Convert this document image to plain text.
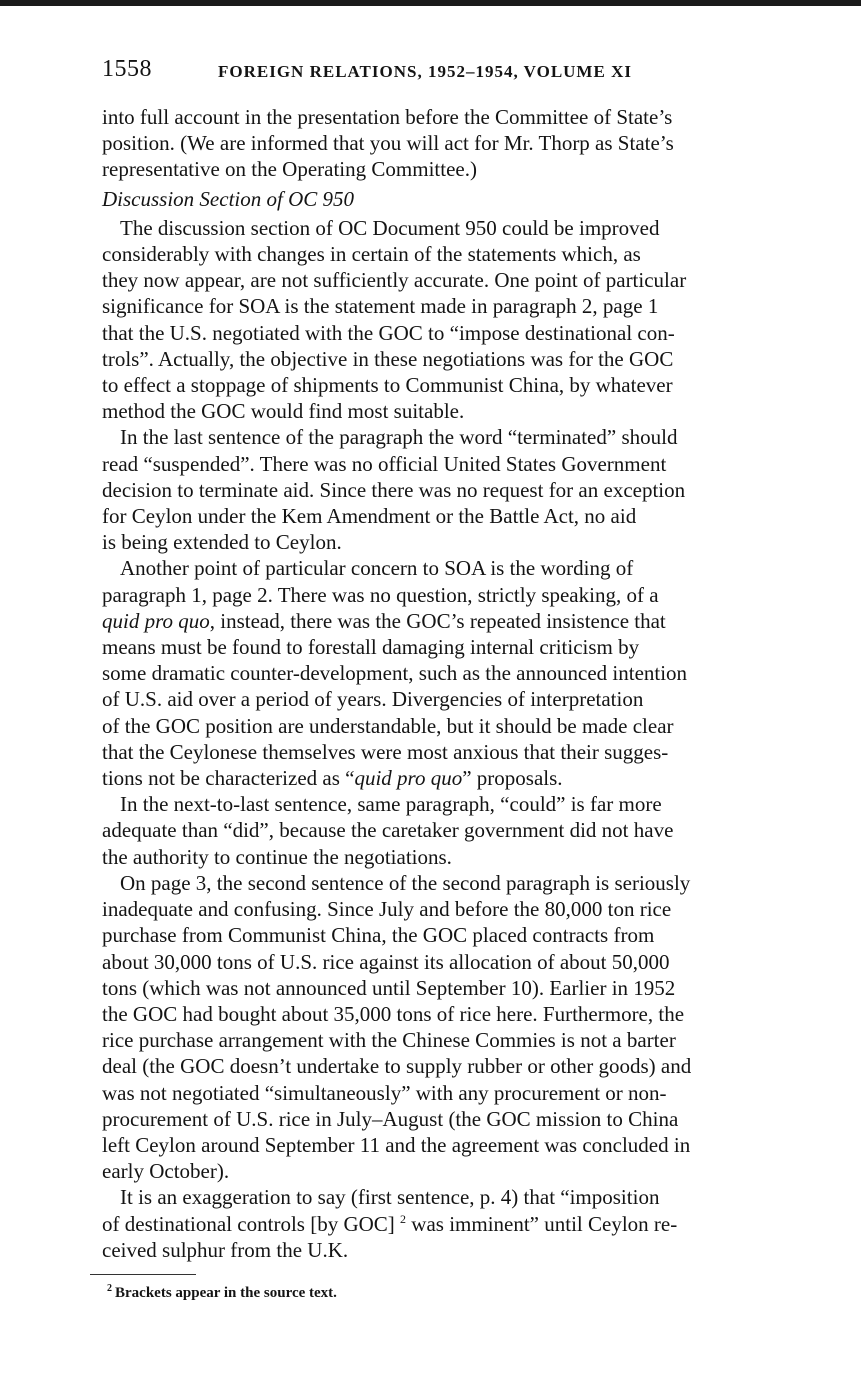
1558	FOREIGN RELATIONS, 1952–1954, VOLUME XI

into full account in the presentation before the Committee of State’s
position. (We are informed that you will act for Mr. Thorp as State’s
representative on the Operating Committee.)

Discussion Section of OC 950

The discussion section of OC Document 950 could be improved
considerably with changes in certain of the statements which, as
they now appear, are not sufficiently accurate. One point of particular
significance for SOA is the statement made in paragraph 2, page 1
that the U.S. negotiated with the GOC to “impose destinational con-
trols”. Actually, the objective in these negotiations was for the GOC
to effect a stoppage of shipments to Communist China, by whatever
method the GOC would find most suitable.

In the last sentence of the paragraph the word “terminated” should
read “suspended”. There was no official United States Government
decision to terminate aid. Since there was no request for an exception
for Ceylon under the Kem Amendment or the Battle Act, no aid
is being extended to Ceylon.

Another point of particular concern to SOA is the wording of
paragraph 1, page 2. There was no question, strictly speaking, of a
quid pro quo, instead, there was the GOC’s repeated insistence that
means must be found to forestall damaging internal criticism by
some dramatic counter-development, such as the announced intention
of U.S. aid over a period of years. Divergencies of interpretation
of the GOC position are understandable, but it should be made clear
that the Ceylonese themselves were most anxious that their sugges-
tions not be characterized as “quid pro quo” proposals.

In the next-to-last sentence, same paragraph, “could” is far more
adequate than “did”, because the caretaker government did not have
the authority to continue the negotiations.

On page 3, the second sentence of the second paragraph is seriously
inadequate and confusing. Since July and before the 80,000 ton rice
purchase from Communist China, the GOC placed contracts from
about 30,000 tons of U.S. rice against its allocation of about 50,000
tons (which was not announced until September 10). Earlier in 1952
the GOC had bought about 35,000 tons of rice here. Furthermore, the
rice purchase arrangement with the Chinese Commies is not a barter
deal (the GOC doesn’t undertake to supply rubber or other goods) and
was not negotiated “simultaneously” with any procurement or non-
procurement of U.S. rice in July–August (the GOC mission to China
left Ceylon around September 11 and the agreement was concluded in
early October).

It is an exaggeration to say (first sentence, p. 4) that “imposition
of destinational controls [by GOC] $^2$ was imminent” until Ceylon re-
ceived sulphur from the U.K.

$^2$ Brackets appear in the source text.
